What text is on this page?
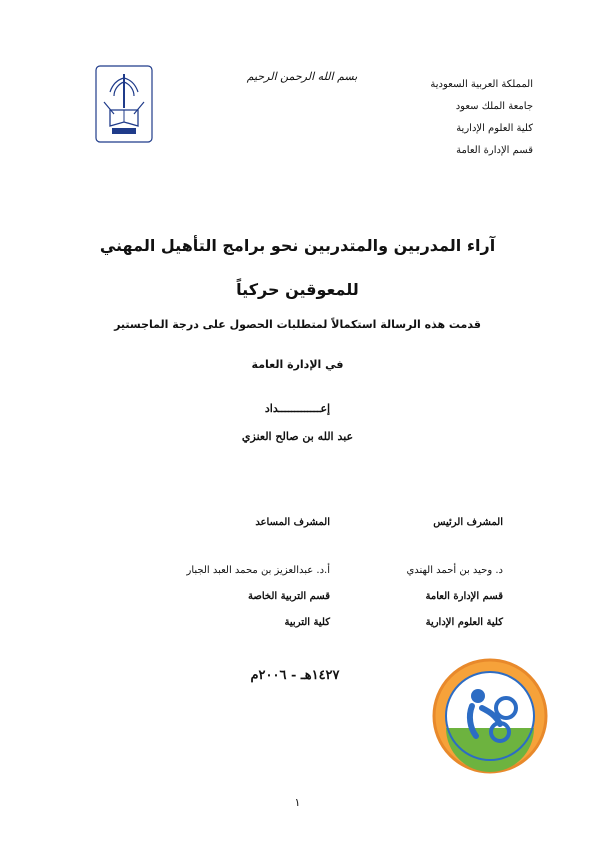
بسم الله الرحمن الرحيم
المملكة العربية السعودية
جامعة الملك سعود
كلية العلوم الإدارية
قسم الإدارة العامة
آراء المدربين والمتدربين نحو برامج التأهيل المهني
للمعوقين حركياً
قدمت هذه الرسالة استكمالاً لمتطلبات الحصول على درجة الماجستير
في الإدارة العامة
إعـــــــــــــداد
عبد الله بن صالح العنزي
المشرف الرئيس
د. وحيد بن أحمد الهندي
قسم الإدارة العامة
كلية العلوم الإدارية
المشرف المساعد
أ.د. عبدالعزيز بن محمد العبد الجبار
قسم التربية الخاصة
كلية التربية
١٤٢٧هـ - ٢٠٠٦م
١
